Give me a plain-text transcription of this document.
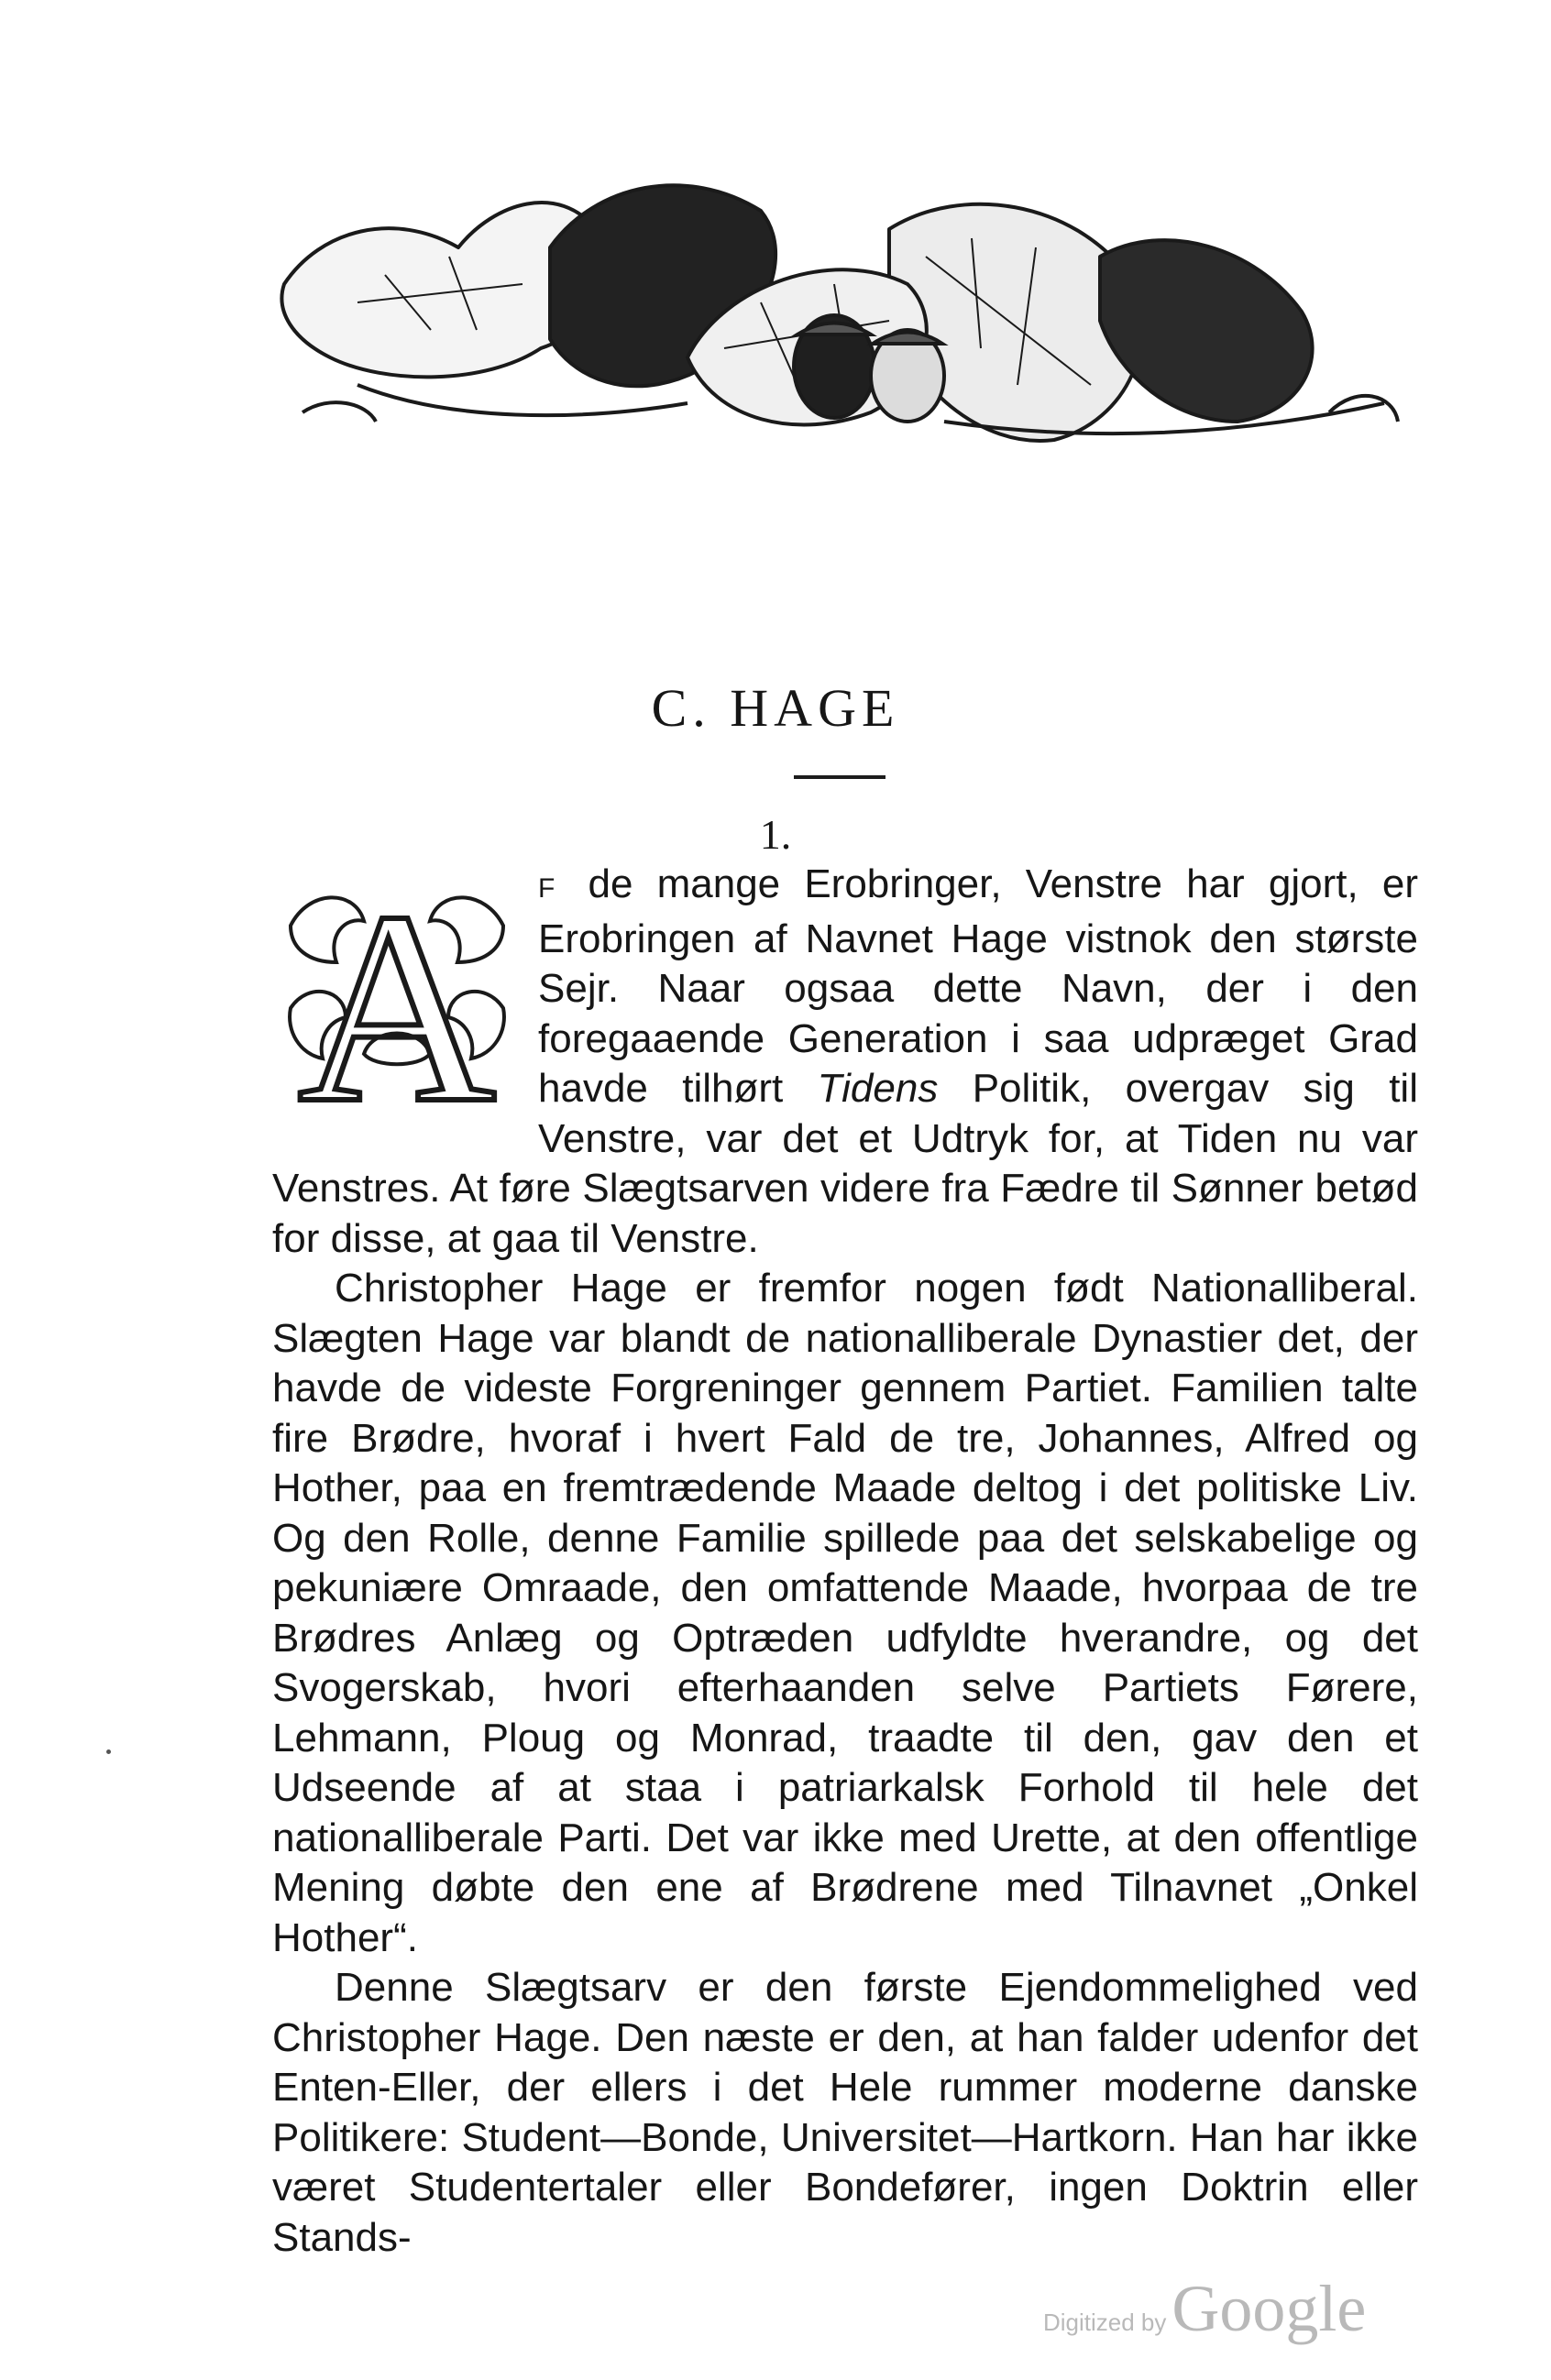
C. HAGE
1.
A	F de mange Erobringer, Venstre har gjort, er Erobringen af Navnet Hage vistnok den største Sejr. Naar ogsaa dette Navn, der i den foregaaende Generation i saa udpræget Grad havde tilhørt Tidens Politik, overgav sig til Venstre, var det et Udtryk for, at Tiden nu var Venstres. At føre Slægtsarven videre fra Fædre til Sønner betød for disse, at gaa til Venstre.

Christopher Hage er fremfor nogen født Nationalliberal. Slægten Hage var blandt de nationalliberale Dynastier det, der havde de videste Forgreninger gennem Partiet. Familien talte fire Brødre, hvoraf i hvert Fald de tre, Johannes, Alfred og Hother, paa en fremtrædende Maade deltog i det politiske Liv. Og den Rolle, denne Familie spillede paa det selskabelige og pekuniære Omraade, den omfattende Maade, hvorpaa de tre Brødres Anlæg og Optræden udfyldte hverandre, og det Svogerskab, hvori efterhaanden selve Partiets Førere, Lehmann, Ploug og Monrad, traadte til den, gav den et Udseende af at staa i patriarkalsk Forhold til hele det nationalliberale Parti. Det var ikke med Urette, at den offentlige Mening døbte den ene af Brødrene med Tilnavnet „Onkel Hother“.

Denne Slægtsarv er den første Ejendommelighed ved Christopher Hage. Den næste er den, at han falder udenfor det Enten-Eller, der ellers i det Hele rummer moderne danske Politikere: Student—Bonde, Universitet—Hartkorn. Han har ikke været Studentertaler eller Bondefører, ingen Doktrin eller Stands-

Digitized by Google
